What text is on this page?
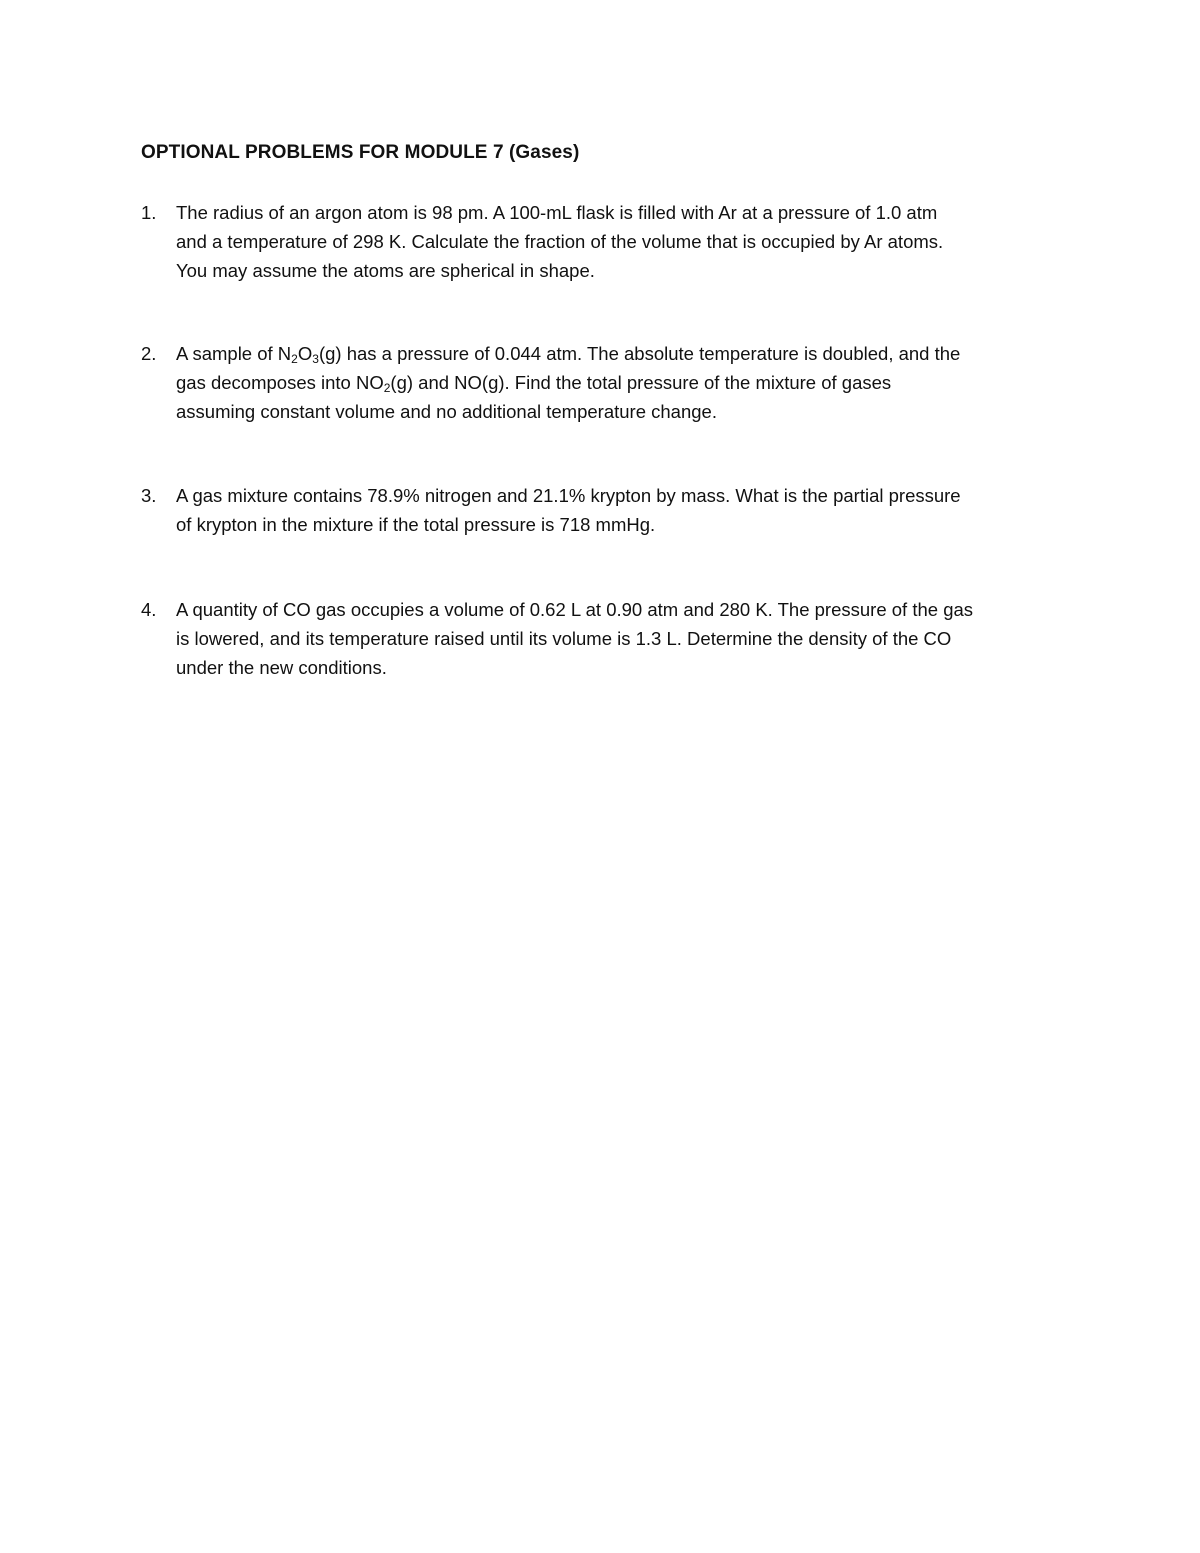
OPTIONAL PROBLEMS FOR MODULE 7 (Gases)
1.	The radius of an argon atom is 98 pm. A 100-mL flask is filled with Ar at a pressure of 1.0 atm
and a temperature of 298 K. Calculate the fraction of the volume that is occupied by Ar atoms.
You may assume the atoms are spherical in shape.
2.	A sample of $N_2O_3(g)$ has a pressure of 0.044 atm. The absolute temperature is doubled, and the
gas decomposes into $NO_2(g)$ and NO(g). Find the total pressure of the mixture of gases
assuming constant volume and no additional temperature change.
3.	A gas mixture contains 78.9% nitrogen and 21.1% krypton by mass. What is the partial pressure
of krypton in the mixture if the total pressure is 718 mmHg.
4.	A quantity of CO gas occupies a volume of 0.62 L at 0.90 atm and 280 K. The pressure of the gas
is lowered, and its temperature raised until its volume is 1.3 L. Determine the density of the CO
under the new conditions.
